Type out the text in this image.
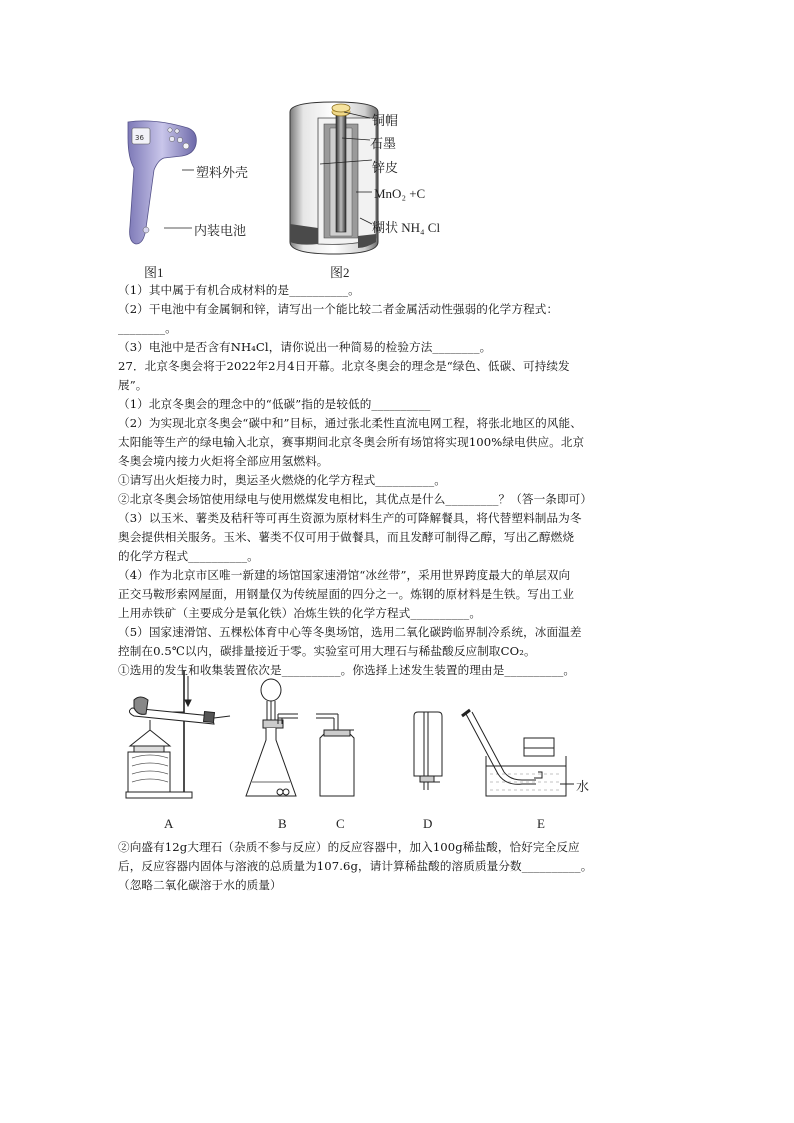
36
塑料外壳
内装电池
图1
铜帽
石墨
锌皮
MnO₂ +C
糊状 NH₄ Cl
图2
（1）其中属于有机合成材料的是__________。
（2）干电池中有金属铜和锌，请写出一个能比较二者金属活动性强弱的化学方程式：
________。
（3）电池中是否含有NH₄Cl，请你说出一种简易的检验方法________。
27．北京冬奥会将于2022年2月4日开幕。北京冬奥会的理念是“绿色、低碳、可持续发
展”。
（1）北京冬奥会的理念中的“低碳”指的是较低的__________
（2）为实现北京冬奥会“碳中和”目标，通过张北柔性直流电网工程，将张北地区的风能、
太阳能等生产的绿电输入北京，赛事期间北京冬奥会所有场馆将实现100%绿电供应。北京
冬奥会境内接力火炬将全部应用氢燃料。
①请写出火炬接力时，奥运圣火燃烧的化学方程式__________。
②北京冬奥会场馆使用绿电与使用燃煤发电相比，其优点是什么_________？（答一条即可）
（3）以玉米、薯类及秸秆等可再生资源为原材料生产的可降解餐具，将代替塑料制品为冬
奥会提供相关服务。玉米、薯类不仅可用于做餐具，而且发酵可制得乙醇，写出乙醇燃烧
的化学方程式__________。
（4）作为北京市区唯一新建的场馆国家速滑馆“冰丝带”，采用世界跨度最大的单层双向
正交马鞍形索网屋面，用钢量仅为传统屋面的四分之一。炼钢的原材料是生铁。写出工业
上用赤铁矿（主要成分是氧化铁）冶炼生铁的化学方程式__________。
（5）国家速滑馆、五棵松体育中心等冬奥场馆，选用二氧化碳跨临界制冷系统，冰面温差
控制在0.5℃以内，碳排量接近于零。实验室可用大理石与稀盐酸反应制取CO₂。
①选用的发生和收集装置依次是__________。你选择上述发生装置的理由是__________。
水
A	B	C	D	E
②向盛有12g大理石（杂质不参与反应）的反应容器中，加入100g稀盐酸，恰好完全反应
后，反应容器内固体与溶液的总质量为107.6g，请计算稀盐酸的溶质质量分数__________。
（忽略二氧化碳溶于水的质量）
